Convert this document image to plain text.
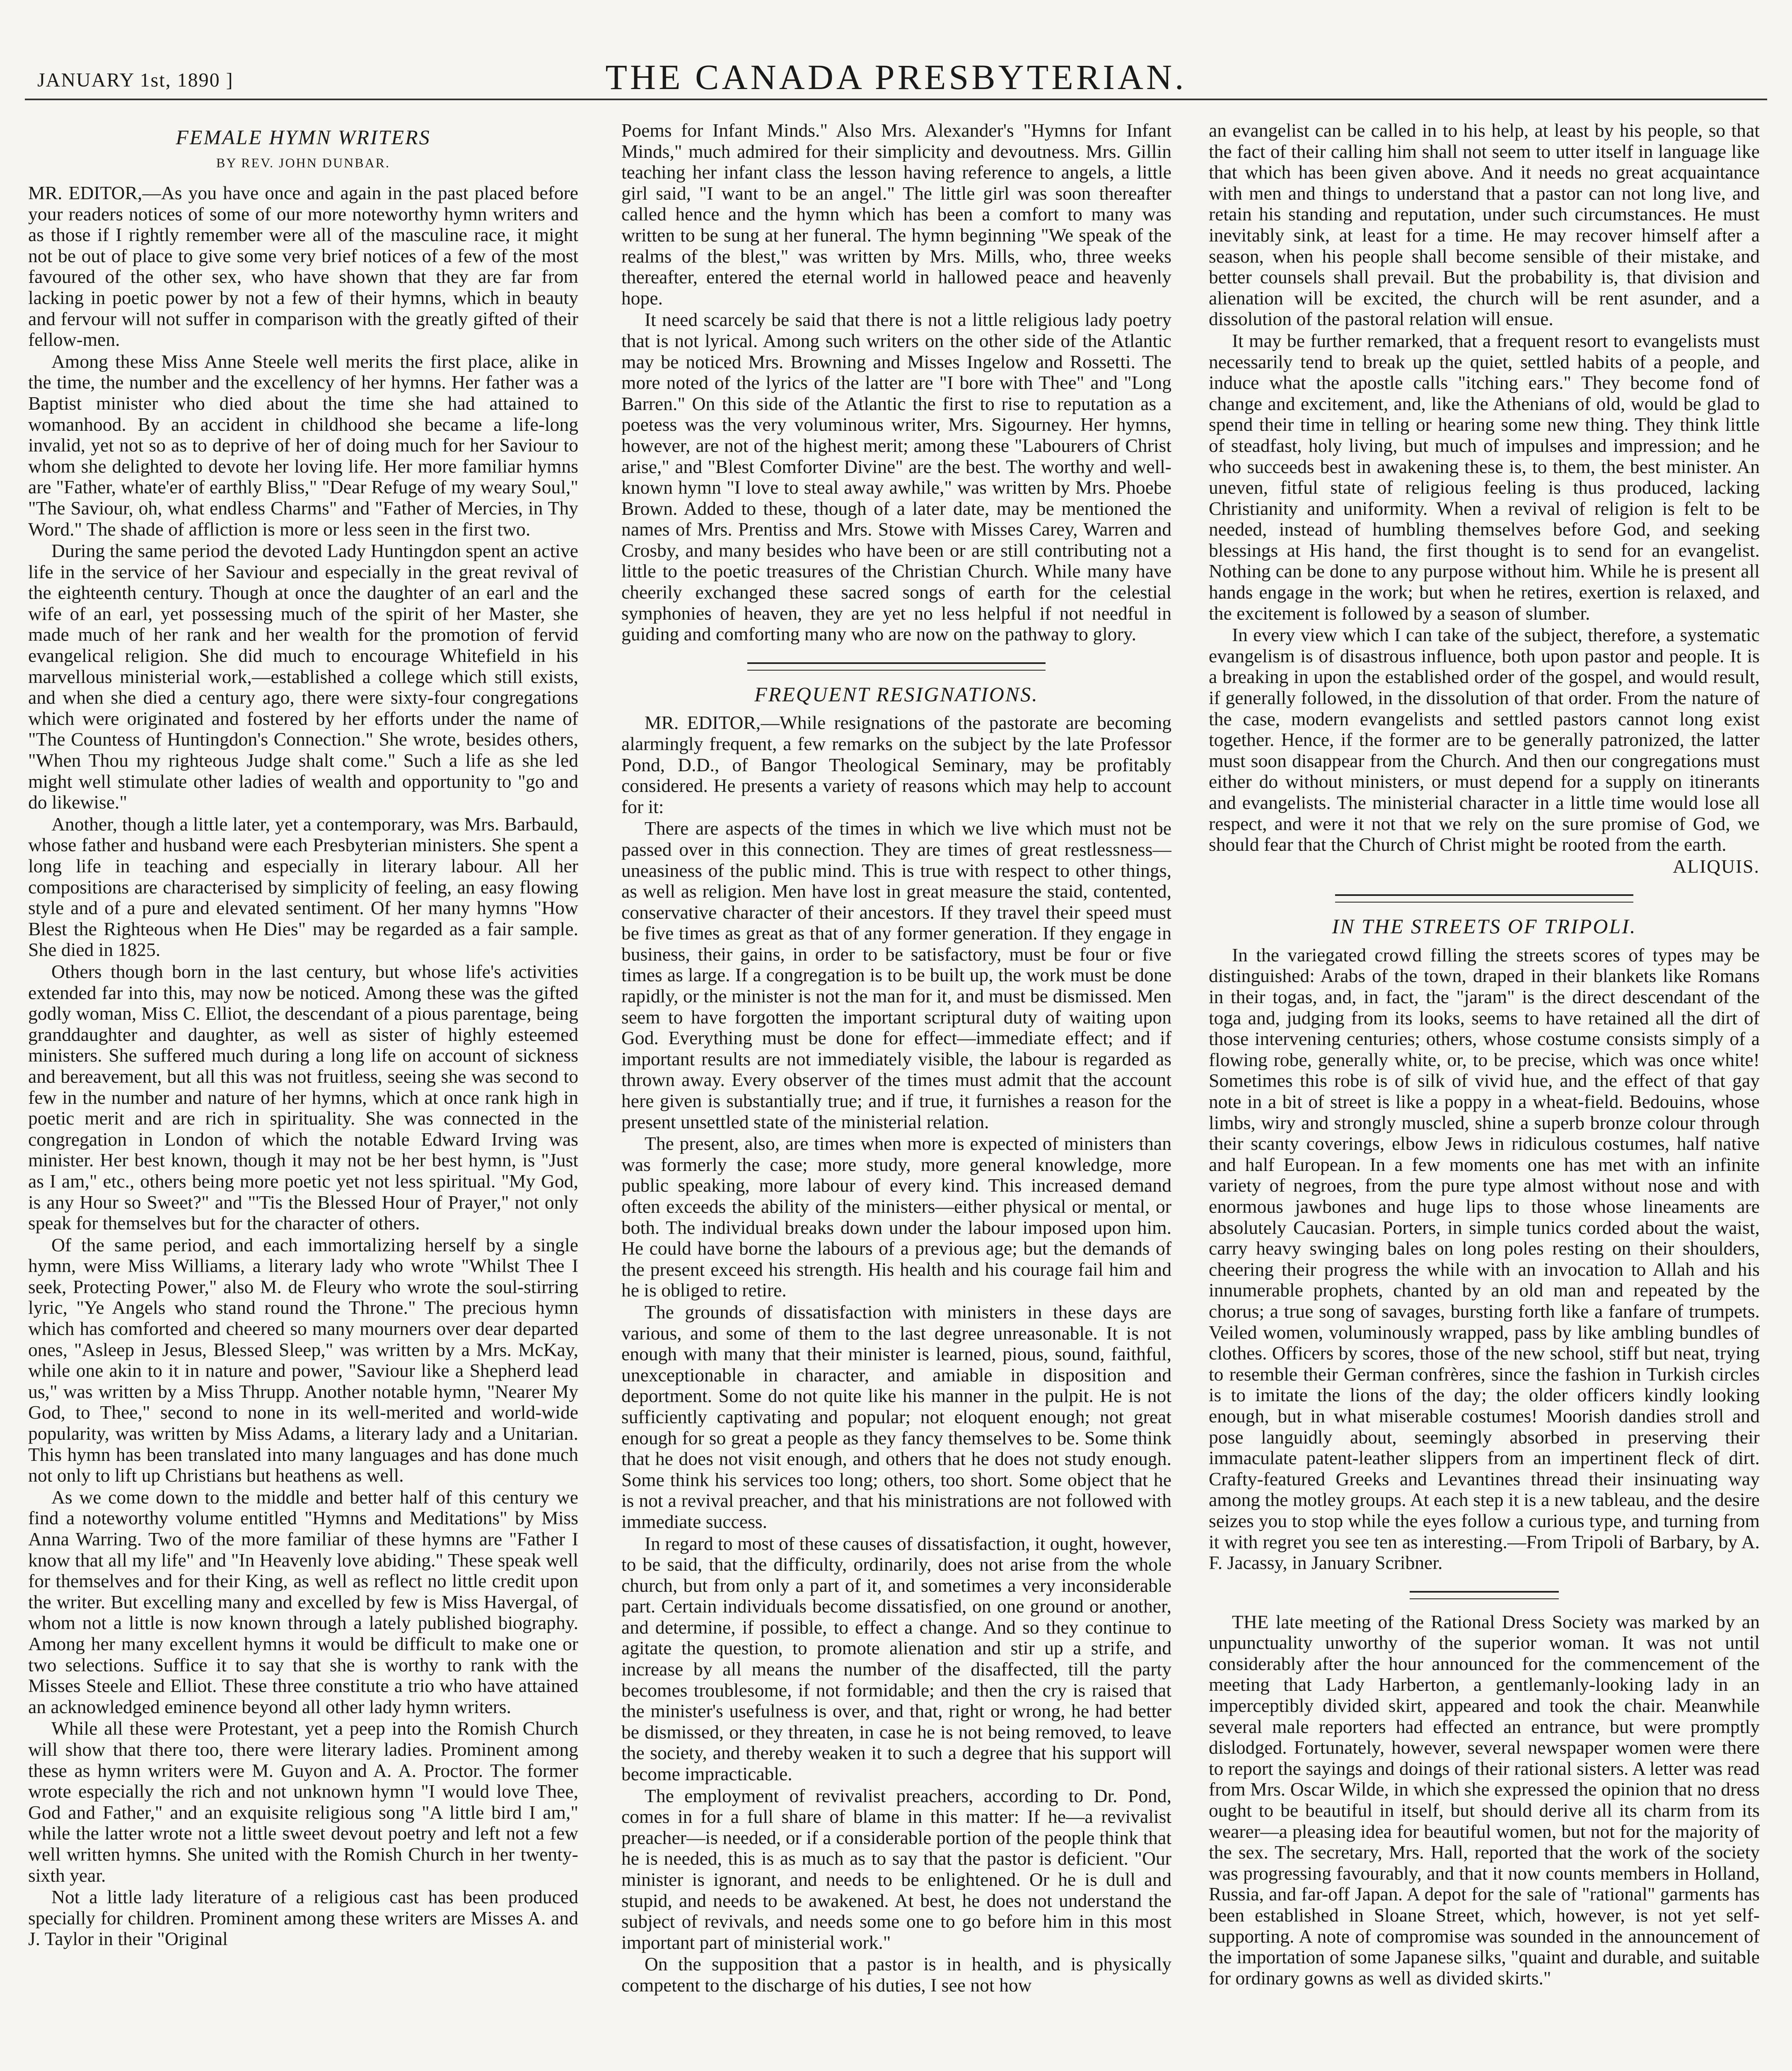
JANUARY 1st, 1890 ]	THE CANADA PRESBYTERIAN.
FEMALE HYMN WRITERS
BY REV. JOHN DUNBAR.

MR. EDITOR,—As you have once and again in the past placed before your readers notices of some of our more noteworthy hymn writers and as those if I rightly remember were all of the masculine race, it might not be out of place to give some very brief notices of a few of the most favoured of the other sex, who have shown that they are far from lacking in poetic power by not a few of their hymns, which in beauty and fervour will not suffer in comparison with the greatly gifted of their fellow-men.

Among these Miss Anne Steele well merits the first place, alike in the time, the number and the excellency of her hymns. Her father was a Baptist minister who died about the time she had attained to womanhood. By an accident in childhood she became a life-long invalid, yet not so as to deprive of her of doing much for her Saviour to whom she delighted to devote her loving life. Her more familiar hymns are "Father, whate'er of earthly Bliss," "Dear Refuge of my weary Soul," "The Saviour, oh, what endless Charms" and "Father of Mercies, in Thy Word." The shade of affliction is more or less seen in the first two.

During the same period the devoted Lady Huntingdon spent an active life in the service of her Saviour and especially in the great revival of the eighteenth century. Though at once the daughter of an earl and the wife of an earl, yet possessing much of the spirit of her Master, she made much of her rank and her wealth for the promotion of fervid evangelical religion. She did much to encourage Whitefield in his marvellous ministerial work,—established a college which still exists, and when she died a century ago, there were sixty-four congregations which were originated and fostered by her efforts under the name of "The Countess of Huntingdon's Connection." She wrote, besides others, "When Thou my righteous Judge shalt come." Such a life as she led might well stimulate other ladies of wealth and opportunity to "go and do likewise."

Another, though a little later, yet a contemporary, was Mrs. Barbauld, whose father and husband were each Presbyterian ministers. She spent a long life in teaching and especially in literary labour. All her compositions are characterised by simplicity of feeling, an easy flowing style and of a pure and elevated sentiment. Of her many hymns "How Blest the Righteous when He Dies" may be regarded as a fair sample. She died in 1825.

Others though born in the last century, but whose life's activities extended far into this, may now be noticed. Among these was the gifted godly woman, Miss C. Elliot, the descendant of a pious parentage, being granddaughter and daughter, as well as sister of highly esteemed ministers. She suffered much during a long life on account of sickness and bereavement, but all this was not fruitless, seeing she was second to few in the number and nature of her hymns, which at once rank high in poetic merit and are rich in spirituality. She was connected in the congregation in London of which the notable Edward Irving was minister. Her best known, though it may not be her best hymn, is "Just as I am," etc., others being more poetic yet not less spiritual. "My God, is any Hour so Sweet?" and "'Tis the Blessed Hour of Prayer," not only speak for themselves but for the character of others.

Of the same period, and each immortalizing herself by a single hymn, were Miss Williams, a literary lady who wrote "Whilst Thee I seek, Protecting Power," also M. de Fleury who wrote the soul-stirring lyric, "Ye Angels who stand round the Throne." The precious hymn which has comforted and cheered so many mourners over dear departed ones, "Asleep in Jesus, Blessed Sleep," was written by a Mrs. McKay, while one akin to it in nature and power, "Saviour like a Shepherd lead us," was written by a Miss Thrupp. Another notable hymn, "Nearer My God, to Thee," second to none in its well-merited and world-wide popularity, was written by Miss Adams, a literary lady and a Unitarian. This hymn has been translated into many languages and has done much not only to lift up Christians but heathens as well.

As we come down to the middle and better half of this century we find a noteworthy volume entitled "Hymns and Meditations" by Miss Anna Warring. Two of the more familiar of these hymns are "Father I know that all my life" and "In Heavenly love abiding." These speak well for themselves and for their King, as well as reflect no little credit upon the writer. But excelling many and excelled by few is Miss Havergal, of whom not a little is now known through a lately published biography. Among her many excellent hymns it would be difficult to make one or two selections. Suffice it to say that she is worthy to rank with the Misses Steele and Elliot. These three constitute a trio who have attained an acknowledged eminence beyond all other lady hymn writers.

While all these were Protestant, yet a peep into the Romish Church will show that there too, there were literary ladies. Prominent among these as hymn writers were M. Guyon and A. A. Proctor. The former wrote especially the rich and not unknown hymn "I would love Thee, God and Father," and an exquisite religious song "A little bird I am," while the latter wrote not a little sweet devout poetry and left not a few well written hymns. She united with the Romish Church in her twenty-sixth year.

Not a little lady literature of a religious cast has been produced specially for children. Prominent among these writers are Misses A. and J. Taylor in their "Original

Poems for Infant Minds." Also Mrs. Alexander's "Hymns for Infant Minds," much admired for their simplicity and devoutness. Mrs. Gillin teaching her infant class the lesson having reference to angels, a little girl said, "I want to be an angel." The little girl was soon thereafter called hence and the hymn which has been a comfort to many was written to be sung at her funeral. The hymn beginning "We speak of the realms of the blest," was written by Mrs. Mills, who, three weeks thereafter, entered the eternal world in hallowed peace and heavenly hope.

It need scarcely be said that there is not a little religious lady poetry that is not lyrical. Among such writers on the other side of the Atlantic may be noticed Mrs. Browning and Misses Ingelow and Rossetti. The more noted of the lyrics of the latter are "I bore with Thee" and "Long Barren." On this side of the Atlantic the first to rise to reputation as a poetess was the very voluminous writer, Mrs. Sigourney. Her hymns, however, are not of the highest merit; among these "Labourers of Christ arise," and "Blest Comforter Divine" are the best. The worthy and well-known hymn "I love to steal away awhile," was written by Mrs. Phoebe Brown. Added to these, though of a later date, may be mentioned the names of Mrs. Prentiss and Mrs. Stowe with Misses Carey, Warren and Crosby, and many besides who have been or are still contributing not a little to the poetic treasures of the Christian Church. While many have cheerily exchanged these sacred songs of earth for the celestial symphonies of heaven, they are yet no less helpful if not needful in guiding and comforting many who are now on the pathway to glory.

FREQUENT RESIGNATIONS.

MR. EDITOR,—While resignations of the pastorate are becoming alarmingly frequent, a few remarks on the subject by the late Professor Pond, D.D., of Bangor Theological Seminary, may be profitably considered. He presents a variety of reasons which may help to account for it:

There are aspects of the times in which we live which must not be passed over in this connection. They are times of great restlessness—uneasiness of the public mind. This is true with respect to other things, as well as religion. Men have lost in great measure the staid, contented, conservative character of their ancestors. If they travel their speed must be five times as great as that of any former generation. If they engage in business, their gains, in order to be satisfactory, must be four or five times as large. If a congregation is to be built up, the work must be done rapidly, or the minister is not the man for it, and must be dismissed. Men seem to have forgotten the important scriptural duty of waiting upon God. Everything must be done for effect—immediate effect; and if important results are not immediately visible, the labour is regarded as thrown away. Every observer of the times must admit that the account here given is substantially true; and if true, it furnishes a reason for the present unsettled state of the ministerial relation.

The present, also, are times when more is expected of ministers than was formerly the case; more study, more general knowledge, more public speaking, more labour of every kind. This increased demand often exceeds the ability of the ministers—either physical or mental, or both. The individual breaks down under the labour imposed upon him. He could have borne the labours of a previous age; but the demands of the present exceed his strength. His health and his courage fail him and he is obliged to retire.

The grounds of dissatisfaction with ministers in these days are various, and some of them to the last degree unreasonable. It is not enough with many that their minister is learned, pious, sound, faithful, unexceptionable in character, and amiable in disposition and deportment. Some do not quite like his manner in the pulpit. He is not sufficiently captivating and popular; not eloquent enough; not great enough for so great a people as they fancy themselves to be. Some think that he does not visit enough, and others that he does not study enough. Some think his services too long; others, too short. Some object that he is not a revival preacher, and that his ministrations are not followed with immediate success.

In regard to most of these causes of dissatisfaction, it ought, however, to be said, that the difficulty, ordinarily, does not arise from the whole church, but from only a part of it, and sometimes a very inconsiderable part. Certain individuals become dissatisfied, on one ground or another, and determine, if possible, to effect a change. And so they continue to agitate the question, to promote alienation and stir up a strife, and increase by all means the number of the disaffected, till the party becomes troublesome, if not formidable; and then the cry is raised that the minister's usefulness is over, and that, right or wrong, he had better be dismissed, or they threaten, in case he is not being removed, to leave the society, and thereby weaken it to such a degree that his support will become impracticable.

The employment of revivalist preachers, according to Dr. Pond, comes in for a full share of blame in this matter: If he—a revivalist preacher—is needed, or if a considerable portion of the people think that he is needed, this is as much as to say that the pastor is deficient. "Our minister is ignorant, and needs to be enlightened. Or he is dull and stupid, and needs to be awakened. At best, he does not understand the subject of revivals, and needs some one to go before him in this most important part of ministerial work."

On the supposition that a pastor is in health, and is physically competent to the discharge of his duties, I see not how

an evangelist can be called in to his help, at least by his people, so that the fact of their calling him shall not seem to utter itself in language like that which has been given above. And it needs no great acquaintance with men and things to understand that a pastor can not long live, and retain his standing and reputation, under such circumstances. He must inevitably sink, at least for a time. He may recover himself after a season, when his people shall become sensible of their mistake, and better counsels shall prevail. But the probability is, that division and alienation will be excited, the church will be rent asunder, and a dissolution of the pastoral relation will ensue.

It may be further remarked, that a frequent resort to evangelists must necessarily tend to break up the quiet, settled habits of a people, and induce what the apostle calls "itching ears." They become fond of change and excitement, and, like the Athenians of old, would be glad to spend their time in telling or hearing some new thing. They think little of steadfast, holy living, but much of impulses and impression; and he who succeeds best in awakening these is, to them, the best minister. An uneven, fitful state of religious feeling is thus produced, lacking Christianity and uniformity. When a revival of religion is felt to be needed, instead of humbling themselves before God, and seeking blessings at His hand, the first thought is to send for an evangelist. Nothing can be done to any purpose without him. While he is present all hands engage in the work; but when he retires, exertion is relaxed, and the excitement is followed by a season of slumber.

In every view which I can take of the subject, therefore, a systematic evangelism is of disastrous influence, both upon pastor and people. It is a breaking in upon the established order of the gospel, and would result, if generally followed, in the dissolution of that order. From the nature of the case, modern evangelists and settled pastors cannot long exist together. Hence, if the former are to be generally patronized, the latter must soon disappear from the Church. And then our congregations must either do without ministers, or must depend for a supply on itinerants and evangelists. The ministerial character in a little time would lose all respect, and were it not that we rely on the sure promise of God, we should fear that the Church of Christ might be rooted from the earth.

ALIQUIS.
IN THE STREETS OF TRIPOLI.

In the variegated crowd filling the streets scores of types may be distinguished: Arabs of the town, draped in their blankets like Romans in their togas, and, in fact, the "jaram" is the direct descendant of the toga and, judging from its looks, seems to have retained all the dirt of those intervening centuries; others, whose costume consists simply of a flowing robe, generally white, or, to be precise, which was once white! Sometimes this robe is of silk of vivid hue, and the effect of that gay note in a bit of street is like a poppy in a wheat-field. Bedouins, whose limbs, wiry and strongly muscled, shine a superb bronze colour through their scanty coverings, elbow Jews in ridiculous costumes, half native and half European. In a few moments one has met with an infinite variety of negroes, from the pure type almost without nose and with enormous jawbones and huge lips to those whose lineaments are absolutely Caucasian. Porters, in simple tunics corded about the waist, carry heavy swinging bales on long poles resting on their shoulders, cheering their progress the while with an invocation to Allah and his innumerable prophets, chanted by an old man and repeated by the chorus; a true song of savages, bursting forth like a fanfare of trumpets. Veiled women, voluminously wrapped, pass by like ambling bundles of clothes. Officers by scores, those of the new school, stiff but neat, trying to resemble their German confrères, since the fashion in Turkish circles is to imitate the lions of the day; the older officers kindly looking enough, but in what miserable costumes! Moorish dandies stroll and pose languidly about, seemingly absorbed in preserving their immaculate patent-leather slippers from an impertinent fleck of dirt. Crafty-featured Greeks and Levantines thread their insinuating way among the motley groups. At each step it is a new tableau, and the desire seizes you to stop while the eyes follow a curious type, and turning from it with regret you see ten as interesting.—From Tripoli of Barbary, by A. F. Jacassy, in January Scribner.

THE late meeting of the Rational Dress Society was marked by an unpunctuality unworthy of the superior woman. It was not until considerably after the hour announced for the commencement of the meeting that Lady Harberton, a gentlemanly-looking lady in an imperceptibly divided skirt, appeared and took the chair. Meanwhile several male reporters had effected an entrance, but were promptly dislodged. Fortunately, however, several newspaper women were there to report the sayings and doings of their rational sisters. A letter was read from Mrs. Oscar Wilde, in which she expressed the opinion that no dress ought to be beautiful in itself, but should derive all its charm from its wearer—a pleasing idea for beautiful women, but not for the majority of the sex. The secretary, Mrs. Hall, reported that the work of the society was progressing favourably, and that it now counts members in Holland, Russia, and far-off Japan. A depot for the sale of "rational" garments has been established in Sloane Street, which, however, is not yet self-supporting. A note of compromise was sounded in the announcement of the importation of some Japanese silks, "quaint and durable, and suitable for ordinary gowns as well as divided skirts."
